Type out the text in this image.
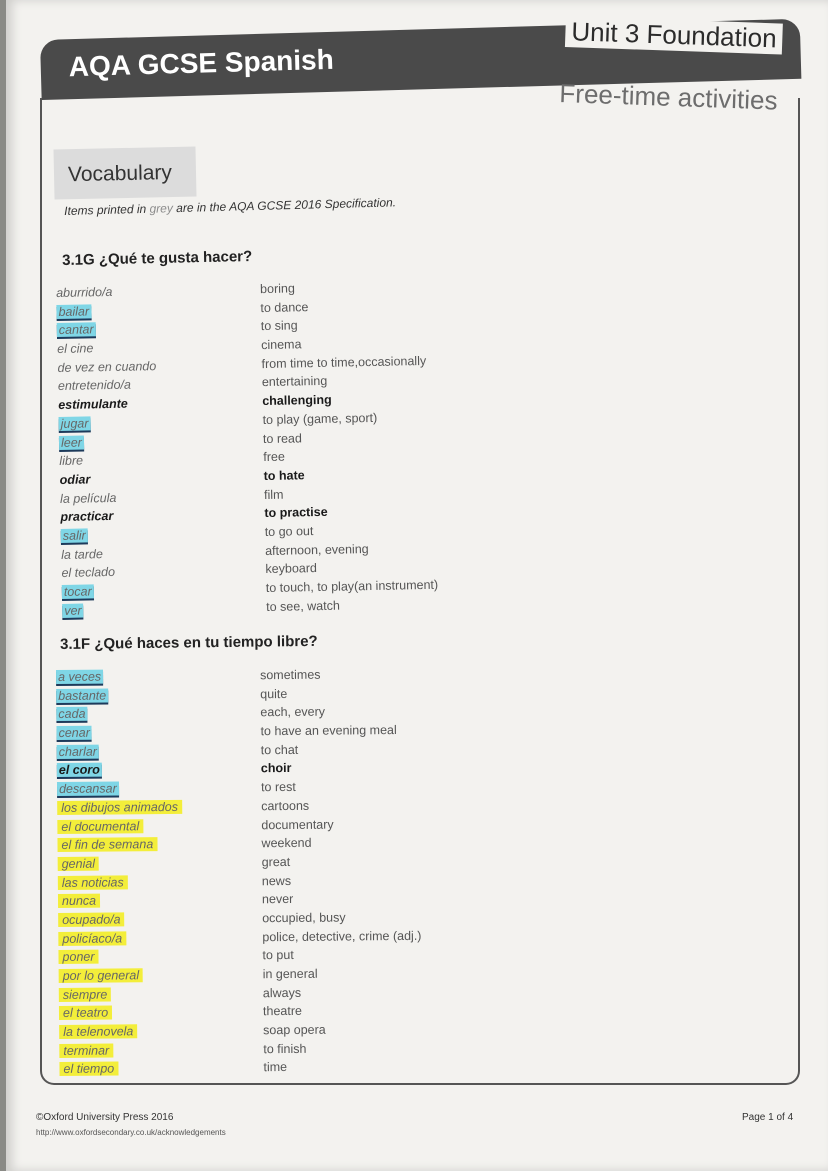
AQA GCSE Spanish
Unit 3 Foundation
Free-time activities
Vocabulary
Items printed in grey are in the AQA GCSE 2016 Specification.
3.1G ¿Qué te gusta hacer?
aburrido/a	boring
bailar	to dance
cantar	to sing
el cine	cinema
de vez en cuando	from time to time,occasionally
entretenido/a	entertaining
estimulante	challenging
jugar	to play (game, sport)
leer	to read
libre	free
odiar	to hate
la película	film
practicar	to practise
salir	to go out
la tarde	afternoon, evening
el teclado	keyboard
tocar	to touch, to play(an instrument)
ver	to see, watch
3.1F ¿Qué haces en tu tiempo libre?
a veces	sometimes
bastante	quite
cada	each, every
cenar	to have an evening meal
charlar	to chat
el coro	choir
descansar	to rest
los dibujos animados	cartoons
el documental	documentary
el fin de semana	weekend
genial	great
las noticias	news
nunca	never
ocupado/a	occupied, busy
policíaco/a	police, detective, crime (adj.)
poner	to put
por lo general	in general
siempre	always
el teatro	theatre
la telenovela	soap opera
terminar	to finish
el tiempo	time
©Oxford University Press 2016
http://www.oxfordsecondary.co.uk/acknowledgements
Page 1 of 4
